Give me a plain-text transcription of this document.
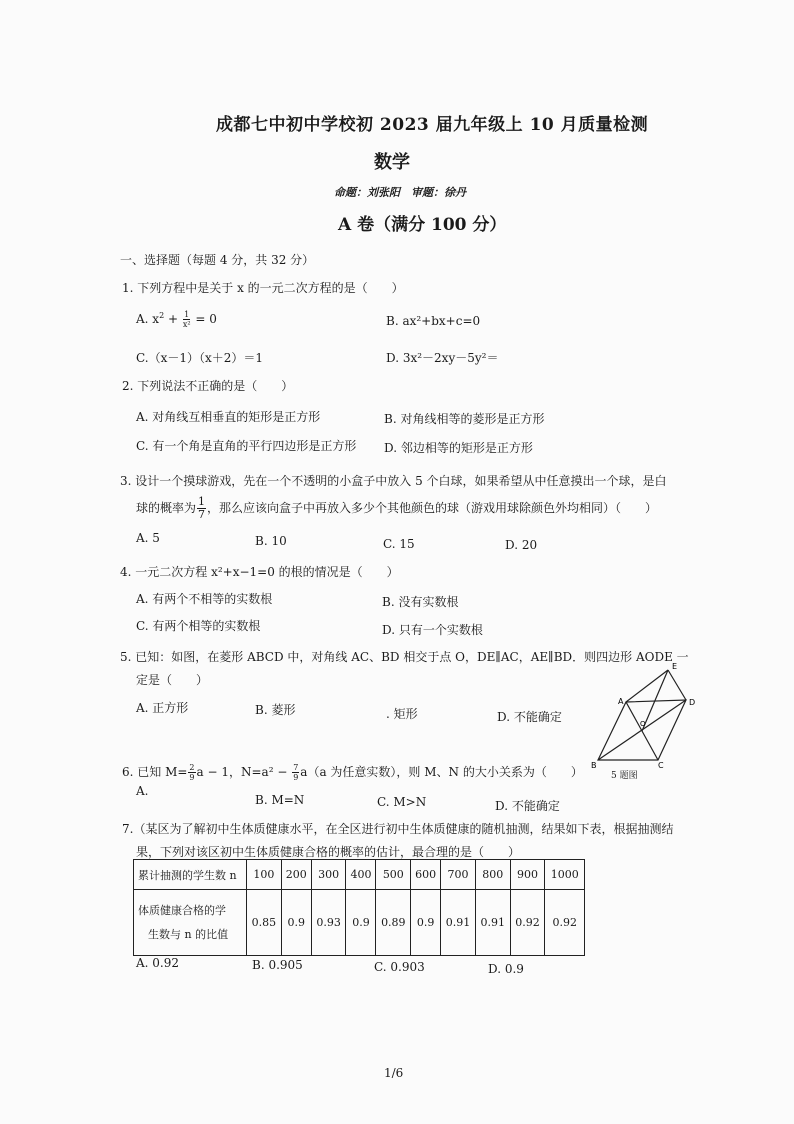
成都七中初中学校初 2023 届九年级上 10 月质量检测
数学
命题：刘张阳　审题：徐丹
A 卷（满分 100 分）
一、选择题（每题 4 分，共 32 分）
1. 下列方程中是关于 x 的一元二次方程的是（　　）
A. $x^2 + \frac{1}{\text{x²}} = 0$	B. ax²+bx+c=0
C.（x－1）（x＋2）＝1	D. 3x²－2xy－5y²＝
2. 下列说法不正确的是（　　）
A. 对角线互相垂直的矩形是正方形	B. 对角线相等的菱形是正方形
C. 有一个角是直角的平行四边形是正方形 D. 邻边相等的矩形是正方形
3. 设计一个摸球游戏，先在一个不透明的小盒子中放入 5 个白球，如果希望从中任意摸出一个球，是白
球的概率为 $\frac{1}{7}$ ，那么应该向盒子中再放入多少个其他颜色的球（游戏用球除颜色外均相同）（　　）
A. 5	B. 10	C. 15	D. 20
4. 一元二次方程 x²+x−1=0 的根的情况是（　　）
A. 有两个不相等的实数根	B. 没有实数根
C. 有两个相等的实数根	D. 只有一个实数根
5. 已知：如图，在菱形 ABCD 中，对角线 AC、BD 相交于点 O，DE∥AC，AE∥BD．则四边形 AODE 一
定是（　　）
A. 正方形	B. 菱形	. 矩形	D. 不能确定
E
A	D
O
B	C
5 题图
6. 已知 $M= \frac{2}{9}$ a − 1，$N=a^2 - \frac{7}{9} a(a$ 为任意实数），则 M、N 的大小关系为（　　）
A.
B. M=N	C. M>N	D. 不能确定
7.（某区为了解初中生体质健康水平，在全区进行初中生体质健康的随机抽测，结果如下表，根据抽测结
果，下列对该区初中生体质健康合格的概率的估计，最合理的是（　　）
累计抽测的学生数 n	100	200	300	400	500	600	700	800	900	1000

体质健康合格的学
生数与 n 的比值	0.85	0.9	0.93	0.9	0.89	0.9	0.91	0.91	0.92	0.92
A. 0.92	B. 0.905	C. 0.903	D. 0.9
1/6
